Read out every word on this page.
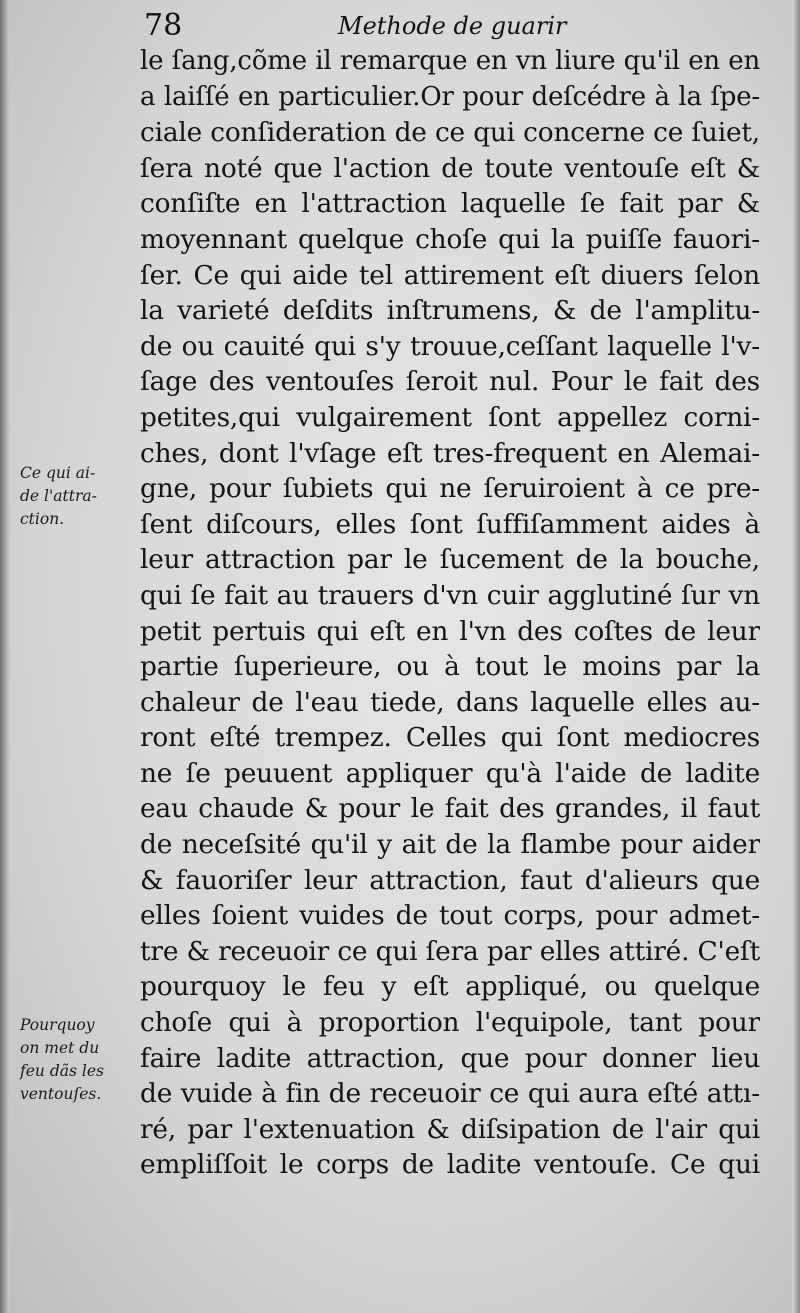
78	Methode de guarir
le ſang,cõme il remarque en vn liure qu'il en en
a laiſſé en particulier.Or pour deſcédre à la ſpe-
ciale conſideration de ce qui concerne ce ſuiet,
ſera noté que l'action de toute ventouſe eſt &
conſiſte en l'attraction laquelle ſe fait par &
moyennant quelque choſe qui la puiſſe fauori-
ſer. Ce qui aide tel attirement eſt diuers ſelon
la varieté deſdits inſtrumens, & de l'amplitu-
de ou cauité qui s'y trouue,ceſſant laquelle l'v-
ſage des ventouſes ſeroit nul. Pour le fait des
petites,qui vulgairement ſont appellez corni-
ches, dont l'vſage eſt tres-frequent en Alemai-
gne, pour ſubiets qui ne ſeruiroient à ce pre-
ſent diſcours, elles ſont ſuffiſamment aides à
leur attraction par le ſucement de la bouche,
qui ſe fait au trauers d'vn cuir agglutiné ſur vn
petit pertuis qui eſt en l'vn des coſtes de leur
partie ſuperieure, ou à tout le moins par la
chaleur de l'eau tiede, dans laquelle elles au-
ront eſté trempez. Celles qui ſont mediocres
ne ſe peuuent appliquer qu'à l'aide de ladite
eau chaude & pour le fait des grandes, il faut
de neceſsité qu'il y ait de la flambe pour aider
& fauoriſer leur attraction, faut d'alieurs que
elles ſoient vuides de tout corps, pour admet-
tre & receuoir ce qui ſera par elles attiré. C'eſt
pourquoy le feu y eſt appliqué, ou quelque
choſe qui à proportion l'equipole, tant pour
faire ladite attraction, que pour donner lieu
de vuide à fin de receuoir ce qui aura eſté attı-
ré, par l'extenuation & diſsipation de l'air qui
empliſſoit le corps de ladite ventouſe. Ce qui
Ce qui ai-
de l'attra-
ction.
Pourquoy
on met du
feu dãs les
ventouſes.
